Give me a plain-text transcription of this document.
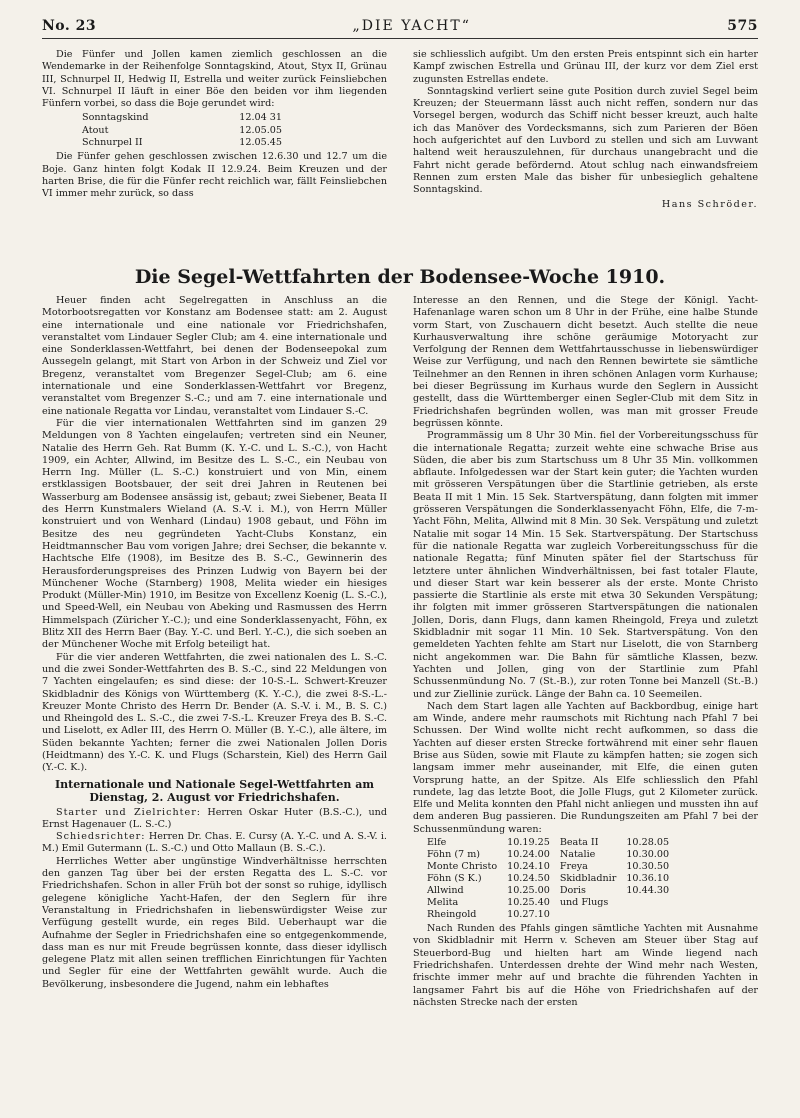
No. 23	„DIE YACHT“	575

Die Fünfer und Jollen kamen ziemlich geschlossen an die Wendemarke in der Reihenfolge Sonntagskind, Atout, Styx II, Grünau III, Schnurpel II, Hedwig II, Estrella und weiter zurück Feinsliebchen VI. Schnurpel II läuft in einer Böe den beiden vor ihm liegenden Fünfern vorbei, so dass die Boje gerundet wird:

Sonntagskind	12.04 31
Atout	12.05.05
Schnurpel II	12.05.45

Die Fünfer gehen geschlossen zwischen 12.6.30 und 12.7 um die Boje. Ganz hinten folgt Kodak II 12.9.24. Beim Kreuzen und der harten Brise, die für die Fünfer recht reichlich war, fällt Feinsliebchen VI immer mehr zurück, so dass

sie schliesslich aufgibt. Um den ersten Preis entspinnt sich ein harter Kampf zwischen Estrella und Grünau III, der kurz vor dem Ziel erst zugunsten Estrellas endete.

Sonntagskind verliert seine gute Position durch zuviel Segel beim Kreuzen; der Steuermann lässt auch nicht reffen, sondern nur das Vorsegel bergen, wodurch das Schiff nicht besser kreuzt, auch halte ich das Manöver des Vordecksmanns, sich zum Parieren der Böen hoch aufgerichtet auf den Luvbord zu stellen und sich am Luvwant haltend weit herauszulehnen, für durchaus unangebracht und die Fahrt nicht gerade befördernd. Atout schlug nach einwandsfreiem Rennen zum ersten Male das bisher für unbesieglich gehaltene Sonntagskind.

Hans Schröder.
Die Segel-Wettfahrten der Bodensee-Woche 1910.

Heuer finden acht Segelregatten in Anschluss an die Motorbootsregatten vor Konstanz am Bodensee statt: am 2. August eine internationale und eine nationale vor Friedrichshafen, veranstaltet vom Lindauer Segler Club; am 4. eine internationale und eine Sonderklassen-Wettfahrt, bei denen der Bodenseepokal zum Aussegeln gelangt, mit Start von Arbon in der Schweiz und Ziel vor Bregenz, veranstaltet vom Bregenzer Segel-Club; am 6. eine internationale und eine Sonderklassen-Wettfahrt vor Bregenz, veranstaltet vom Bregenzer S.-C.; und am 7. eine internationale und eine nationale Regatta vor Lindau, veranstaltet vom Lindauer S.-C.

Für die vier internationalen Wettfahrten sind im ganzen 29 Meldungen von 8 Yachten eingelaufen; vertreten sind ein Neuner, Natalie des Herrn Geh. Rat Bumm (K. Y.-C. und L. S.-C.), von Hacht 1909, ein Achter, Allwind, im Besitze des L. S.-C., ein Neubau von Herrn Ing. Müller (L. S.-C.) konstruiert und von Min, einem erstklassigen Bootsbauer, der seit drei Jahren in Reutenen bei Wasserburg am Bodensee ansässig ist, gebaut; zwei Siebener, Beata II des Herrn Kunstmalers Wieland (A. S.-V. i. M.), von Herrn Müller konstruiert und von Wenhard (Lindau) 1908 gebaut, und Föhn im Besitze des neu gegründeten Yacht-Clubs Konstanz, ein Heidtmannscher Bau vom vorigen Jahre; drei Sechser, die bekannte v. Hachtsche Elfe (1908), im Besitze des B. S.-C., Gewinnerin des Herausforderungspreises des Prinzen Ludwig von Bayern bei der Münchener Woche (Starnberg) 1908, Melita wieder ein hiesiges Produkt (Müller-Min) 1910, im Besitze von Excellenz Koenig (L. S.-C.), und Speed-Well, ein Neubau von Abeking und Rasmussen des Herrn Himmelspach (Züricher Y.-C.); und eine Sonderklassenyacht, Föhn, ex Blitz XII des Herrn Baer (Bay. Y.-C. und Berl. Y.-C.), die sich soeben an der Münchener Woche mit Erfolg beteiligt hat.

Für die vier anderen Wettfahrten, die zwei nationalen des L. S.-C. und die zwei Sonder-Wettfahrten des B. S.-C., sind 22 Meldungen von 7 Yachten eingelaufen; es sind diese: der 10-S.-L. Schwert-Kreuzer Skidbladnir des Königs von Württemberg (K. Y.-C.), die zwei 8-S.-L.-Kreuzer Monte Christo des Herrn Dr. Bender (A. S.-V. i. M., B. S. C.) und Rheingold des L. S.-C., die zwei 7-S.-L. Kreuzer Freya des B. S.-C. und Liselott, ex Adler III, des Herrn O. Müller (B. Y.-C.), alle ältere, im Süden bekannte Yachten; ferner die zwei Nationalen Jollen Doris (Heidtmann) des Y.-C. K. und Flugs (Scharstein, Kiel) des Herrn Gail (Y.-C. K.).

Internationale und Nationale Segel-Wettfahrten am Dienstag, 2. August vor Friedrichshafen.

Starter und Zielrichter: Herren Oskar Huter (B.S.-C.), und Ernst Hagenauer (L. S.-C.)

Schiedsrichter: Herren Dr. Chas. E. Cursy (A. Y.-C. und A. S.-V. i. M.) Emil Gutermann (L. S.-C.) und Otto Mallaun (B. S.-C.).

Herrliches Wetter aber ungünstige Windverhältnisse herrschten den ganzen Tag über bei der ersten Regatta des L. S.-C. vor Friedrichshafen. Schon in aller Früh bot der sonst so ruhige, idyllisch gelegene königliche Yacht-Hafen, der den Seglern für ihre Veranstaltung in Friedrichshafen in liebenswürdigster Weise zur Verfügung gestellt wurde, ein reges Bild. Ueberhaupt war die Aufnahme der Segler in Friedrichshafen eine so entgegenkommende, dass man es nur mit Freude begrüssen konnte, dass dieser idyllisch gelegene Platz mit allen seinen trefflichen Einrichtungen für Yachten und Segler für eine der Wettfahrten gewählt wurde. Auch die Bevölkerung, insbesondere die Jugend, nahm ein lebhaftes

Interesse an den Rennen, und die Stege der Königl. Yacht-Hafenanlage waren schon um 8 Uhr in der Frühe, eine halbe Stunde vorm Start, von Zuschauern dicht besetzt. Auch stellte die neue Kurhausverwaltung ihre schöne geräumige Motoryacht zur Verfolgung der Rennen dem Wettfahrtausschusse in liebenswürdiger Weise zur Verfügung, und nach den Rennen bewirtete sie sämtliche Teilnehmer an den Rennen in ihren schönen Anlagen vorm Kurhause; bei dieser Begrüssung im Kurhaus wurde den Seglern in Aussicht gestellt, dass die Württemberger einen Segler-Club mit dem Sitz in Friedrichshafen begründen wollen, was man mit grosser Freude begrüssen könnte.

Programmässig um 8 Uhr 30 Min. fiel der Vorbereitungsschuss für die internationale Regatta; zurzeit wehte eine schwache Brise aus Süden, die aber bis zum Startschuss um 8 Uhr 35 Min. vollkommen abflaute. Infolgedessen war der Start kein guter; die Yachten wurden mit grösseren Verspätungen über die Startlinie getrieben, als erste Beata II mit 1 Min. 15 Sek. Startverspätung, dann folgten mit immer grösseren Verspätungen die Sonderklassenyacht Föhn, Elfe, die 7-m-Yacht Föhn, Melita, Allwind mit 8 Min. 30 Sek. Verspätung und zuletzt Natalie mit sogar 14 Min. 15 Sek. Startverspätung. Der Startschuss für die nationale Regatta war zugleich Vorbereitungsschuss für die nationale Regatta; fünf Minuten später fiel der Startschuss für letztere unter ähnlichen Windverhältnissen, bei fast totaler Flaute, und dieser Start war kein besserer als der erste. Monte Christo passierte die Startlinie als erste mit etwa 30 Sekunden Verspätung; ihr folgten mit immer grösseren Startverspätungen die nationalen Jollen, Doris, dann Flugs, dann kamen Rheingold, Freya und zuletzt Skidbladnir mit sogar 11 Min. 10 Sek. Startverspätung. Von den gemeldeten Yachten fehlte am Start nur Liselott, die von Starnberg nicht angekommen war. Die Bahn für sämtliche Klassen, bezw. Yachten und Jollen, ging von der Startlinie zum Pfahl Schussenmündung No. 7 (St.-B.), zur roten Tonne bei Manzell (St.-B.) und zur Ziellinie zurück. Länge der Bahn ca. 10 Seemeilen.

Nach dem Start lagen alle Yachten auf Backbordbug, einige hart am Winde, andere mehr raumschots mit Richtung nach Pfahl 7 bei Schussen. Der Wind wollte nicht recht aufkommen, so dass die Yachten auf dieser ersten Strecke fortwährend mit einer sehr flauen Brise aus Süden, sowie mit Flaute zu kämpfen hatten; sie zogen sich langsam immer mehr auseinander, mit Elfe, die einen guten Vorsprung hatte, an der Spitze. Als Elfe schliesslich den Pfahl rundete, lag das letzte Boot, die Jolle Flugs, gut 2 Kilometer zurück. Elfe und Melita konnten den Pfahl nicht anliegen und mussten ihn auf dem anderen Bug passieren. Die Rundungszeiten am Pfahl 7 bei der Schussenmündung waren:

Elfe	10.19.25	Beata II	10.28.05
Föhn (7 m)	10.24.00	Natalie	10.30.00
Monte Christo	10.24.10	Freya	10.30.50
Föhn (S K.)	10.24.50	Skidbladnir	10.36.10
Allwind	10.25.00	Doris	10.44.30
Melita	10.25.40	und Flugs	
Rheingold	10.27.10		

Nach Runden des Pfahls gingen sämtliche Yachten mit Ausnahme von Skidbladnir mit Herrn v. Scheven am Steuer über Stag auf Steuerbord-Bug und hielten hart am Winde liegend nach Friedrichshafen. Unterdessen drehte der Wind mehr nach Westen, frischte immer mehr auf und brachte die führenden Yachten in langsamer Fahrt bis auf die Höhe von Friedrichshafen auf der nächsten Strecke nach der ersten
